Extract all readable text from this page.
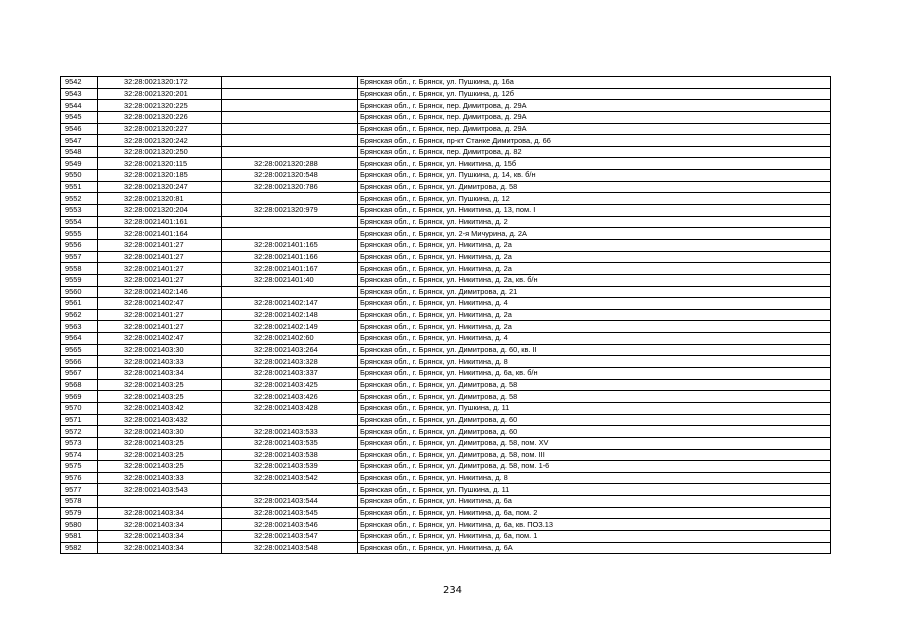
9542	32:28:0021320:172		Брянская обл., г. Брянск, ул. Пушкина, д. 16а
9543	32:28:0021320:201		Брянская обл., г. Брянск, ул. Пушкина, д. 12б
9544	32:28:0021320:225		Брянская обл., г. Брянск, пер. Димитрова, д. 29А
9545	32:28:0021320:226		Брянская обл., г. Брянск, пер. Димитрова, д. 29А
9546	32:28:0021320:227		Брянская обл., г. Брянск, пер. Димитрова, д. 29А
9547	32:28:0021320:242		Брянская обл., г. Брянск, пр-кт Станке Димитрова, д. 66
9548	32:28:0021320:250		Брянская обл., г. Брянск, пер. Димитрова, д. 82
9549	32:28:0021320:115	32:28:0021320:288	Брянская обл., г. Брянск, ул. Никитина, д. 15б
9550	32:28:0021320:185	32:28:0021320:548	Брянская обл., г. Брянск, ул. Пушкина, д. 14, кв. б/н
9551	32:28:0021320:247	32:28:0021320:786	Брянская обл., г. Брянск, ул. Димитрова, д. 58
9552	32:28:0021320:81		Брянская обл., г. Брянск, ул. Пушкина, д. 12
9553	32:28:0021320:204	32:28:0021320:979	Брянская обл., г. Брянск, ул. Никитина, д. 13, пом. I
9554	32:28:0021401:161		Брянская обл., г. Брянск, ул. Никитина, д. 2
9555	32:28:0021401:164		Брянская обл., г. Брянск, ул. 2-я Мичурина, д. 2А
9556	32:28:0021401:27	32:28:0021401:165	Брянская обл., г. Брянск, ул. Никитина, д. 2а
9557	32:28:0021401:27	32:28:0021401:166	Брянская обл., г. Брянск, ул. Никитина, д. 2а
9558	32:28:0021401:27	32:28:0021401:167	Брянская обл., г. Брянск, ул. Никитина, д. 2а
9559	32:28:0021401:27	32:28:0021401:40	Брянская обл., г. Брянск, ул. Никитина, д. 2а, кв. б/н
9560	32:28:0021402:146		Брянская обл., г. Брянск, ул. Димитрова, д. 21
9561	32:28:0021402:47	32:28:0021402:147	Брянская обл., г. Брянск, ул. Никитина, д. 4
9562	32:28:0021401:27	32:28:0021402:148	Брянская обл., г. Брянск, ул. Никитина, д. 2а
9563	32:28:0021401:27	32:28:0021402:149	Брянская обл., г. Брянск, ул. Никитина, д. 2а
9564	32:28:0021402:47	32:28:0021402:60	Брянская обл., г. Брянск, ул. Никитина, д. 4
9565	32:28:0021403:30	32:28:0021403:264	Брянская обл., г. Брянск, ул. Димитрова, д. 60, кв. II
9566	32:28:0021403:33	32:28:0021403:328	Брянская обл., г. Брянск, ул. Никитина, д. 8
9567	32:28:0021403:34	32:28:0021403:337	Брянская обл., г. Брянск, ул. Никитина, д. 6а, кв. б/н
9568	32:28:0021403:25	32:28:0021403:425	Брянская обл., г. Брянск, ул. Димитрова, д. 58
9569	32:28:0021403:25	32:28:0021403:426	Брянская обл., г. Брянск, ул. Димитрова, д. 58
9570	32:28:0021403:42	32:28:0021403:428	Брянская обл., г. Брянск, ул. Пушкина, д. 11
9571	32:28:0021403:432		Брянская обл., г. Брянск, ул. Димитрова, д. 60
9572	32:28:0021403:30	32:28:0021403:533	Брянская обл., г. Брянск, ул. Димитрова, д. 60
9573	32:28:0021403:25	32:28:0021403:535	Брянская обл., г. Брянск, ул. Димитрова, д. 58, пом. XV
9574	32:28:0021403:25	32:28:0021403:538	Брянская обл., г. Брянск, ул. Димитрова, д. 58, пом. III
9575	32:28:0021403:25	32:28:0021403:539	Брянская обл., г. Брянск, ул. Димитрова, д. 58, пом. 1-6
9576	32:28:0021403:33	32:28:0021403:542	Брянская обл., г. Брянск, ул. Никитина, д. 8
9577	32:28:0021403:543		Брянская обл., г. Брянск, ул. Пушкина, д. 11
9578		32:28:0021403:544	Брянская обл., г. Брянск, ул. Никитина, д. 6а
9579	32:28:0021403:34	32:28:0021403:545	Брянская обл., г. Брянск, ул. Никитина, д. 6а, пом. 2
9580	32:28:0021403:34	32:28:0021403:546	Брянская обл., г. Брянск, ул. Никитина, д. 6а, кв. ПОЗ.13
9581	32:28:0021403:34	32:28:0021403:547	Брянская обл., г. Брянск, ул. Никитина, д. 6а, пом. 1
9582	32:28:0021403:34	32:28:0021403:548	Брянская обл., г. Брянск, ул. Никитина, д. 6А
234
